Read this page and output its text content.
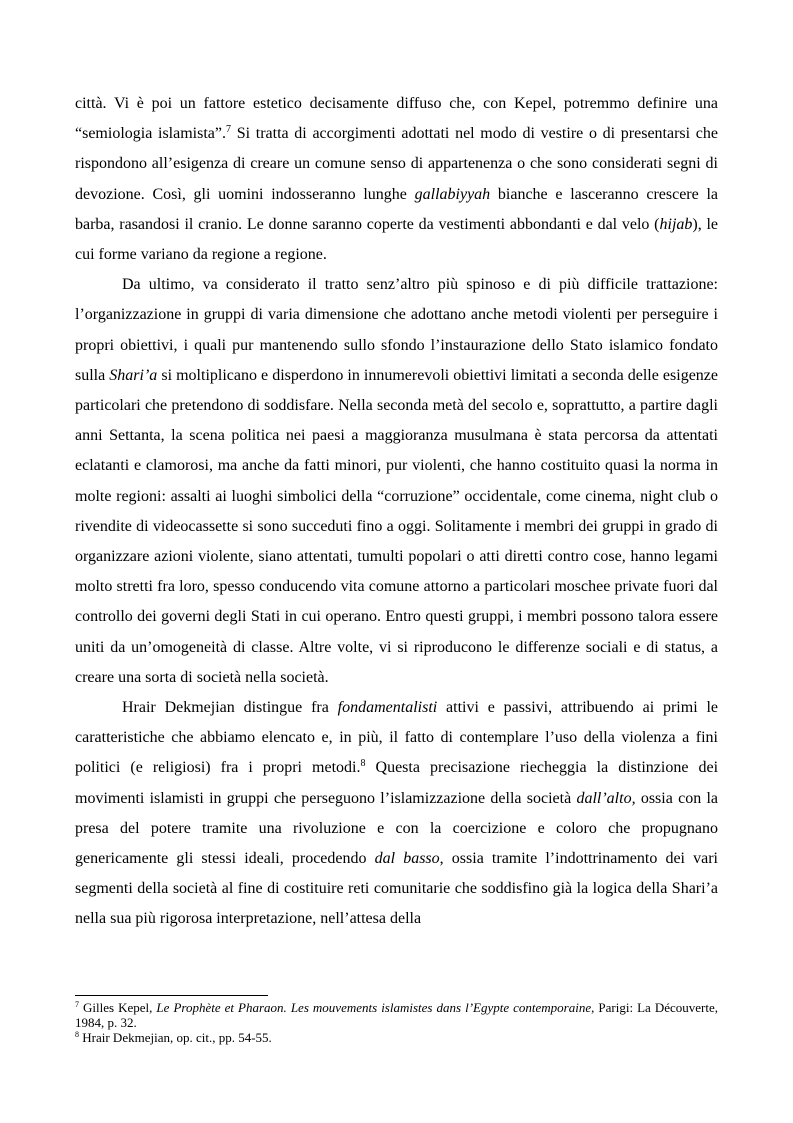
città. Vi è poi un fattore estetico decisamente diffuso che, con Kepel, potremmo definire una “semiologia islamista”.$^7$ Si tratta di accorgimenti adottati nel modo di vestire o di presentarsi che rispondono all’esigenza di creare un comune senso di appartenenza o che sono considerati segni di devozione. Così, gli uomini indosseranno lunghe gallabiyyah bianche e lasceranno crescere la barba, rasandosi il cranio. Le donne saranno coperte da vestimenti abbondanti e dal velo (hijab), le cui forme variano da regione a regione.

Da ultimo, va considerato il tratto senz’altro più spinoso e di più difficile trattazione: l’organizzazione in gruppi di varia dimensione che adottano anche metodi violenti per perseguire i propri obiettivi, i quali pur mantenendo sullo sfondo l’instaurazione dello Stato islamico fondato sulla Shari’a si moltiplicano e disperdono in innumerevoli obiettivi limitati a seconda delle esigenze particolari che pretendono di soddisfare. Nella seconda metà del secolo e, soprattutto, a partire dagli anni Settanta, la scena politica nei paesi a maggioranza musulmana è stata percorsa da attentati eclatanti e clamorosi, ma anche da fatti minori, pur violenti, che hanno costituito quasi la norma in molte regioni: assalti ai luoghi simbolici della “corruzione” occidentale, come cinema, night club o rivendite di videocassette si sono succeduti fino a oggi. Solitamente i membri dei gruppi in grado di organizzare azioni violente, siano attentati, tumulti popolari o atti diretti contro cose, hanno legami molto stretti fra loro, spesso conducendo vita comune attorno a particolari moschee private fuori dal controllo dei governi degli Stati in cui operano. Entro questi gruppi, i membri possono talora essere uniti da un’omogeneità di classe. Altre volte, vi si riproducono le differenze sociali e di status, a creare una sorta di società nella società.

Hrair Dekmejian distingue fra fondamentalisti attivi e passivi, attribuendo ai primi le caratteristiche che abbiamo elencato e, in più, il fatto di contemplare l’uso della violenza a fini politici (e religiosi) fra i propri metodi.$^8$ Questa precisazione riecheggia la distinzione dei movimenti islamisti in gruppi che perseguono l’islamizzazione della società dall’alto, ossia con la presa del potere tramite una rivoluzione e con la coercizione e coloro che propugnano genericamente gli stessi ideali, procedendo dal basso, ossia tramite l’indottrinamento dei vari segmenti della società al fine di costituire reti comunitarie che soddisfino già la logica della Shari’a nella sua più rigorosa interpretazione, nell’attesa della

$^7$ Gilles Kepel, Le Prophète et Pharaon. Les mouvements islamistes dans l’Egypte contemporaine, Parigi: La Découverte, 1984, p. 32.

$^8$ Hrair Dekmejian, op. cit., pp. 54-55.
